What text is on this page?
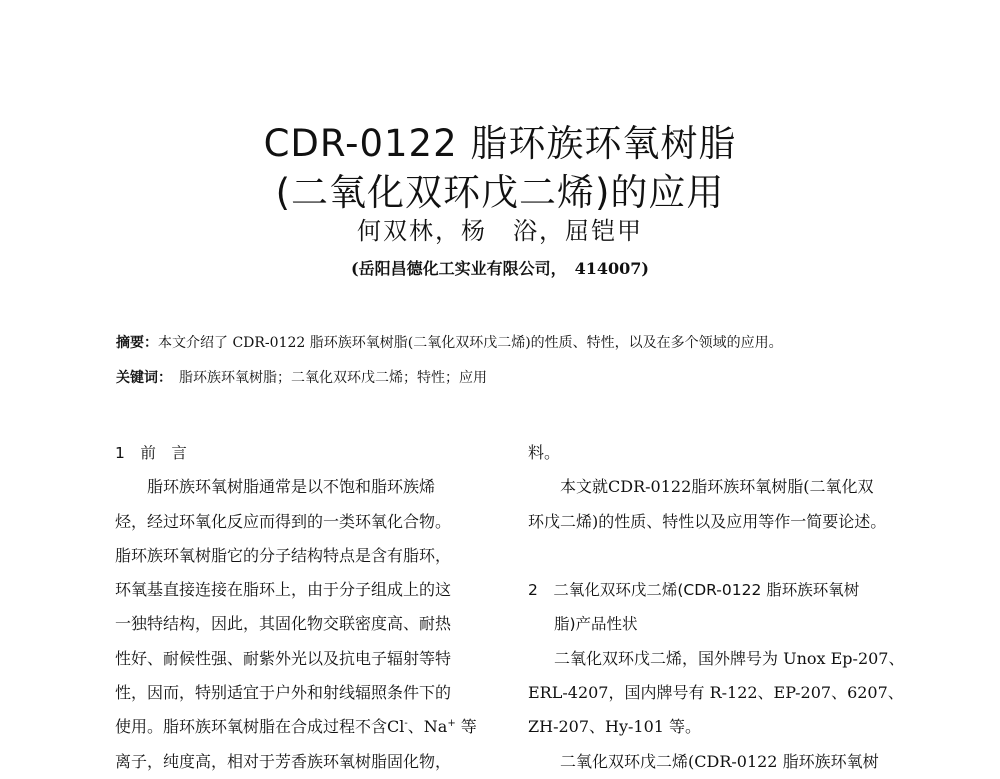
CDR-0122 脂环族环氧树脂
(二氧化双环戊二烯)的应用
何双林，杨　浴，屈铠甲
(岳阳昌德化工实业有限公司，　414007)
摘要：本文介绍了 CDR-0122 脂环族环氧树脂(二氧化双环戊二烯)的性质、特性，以及在多个领域的应用。
关键词：　脂环族环氧树脂；二氧化双环戊二烯；特性；应用
1　前　言
脂环族环氧树脂通常是以不饱和脂环族烯
烃，经过环氧化反应而得到的一类环氧化合物。
脂环族环氧树脂它的分子结构特点是含有脂环，
环氧基直接连接在脂环上，由于分子组成上的这
一独特结构，因此，其固化物交联密度高、耐热
性好、耐候性强、耐紫外光以及抗电子辐射等特
性，因而，特别适宜于户外和射线辐照条件下的
使用。脂环族环氧树脂在合成过程不含Cl-、Na+ 等
离子，纯度高，相对于芳香族环氧树脂固化物，
料。
本文就CDR-0122脂环族环氧树脂(二氧化双
环戊二烯)的性质、特性以及应用等作一简要论述。
2　二氧化双环戊二烯(CDR-0122 脂环族环氧树
脂)产品性状
二氧化双环戊二烯，国外牌号为 Unox Ep-207、
ERL-4207，国内牌号有 R-122、EP-207、6207、
ZH-207、Hy-101 等。
二氧化双环戊二烯(CDR-0122 脂环族环氧树
